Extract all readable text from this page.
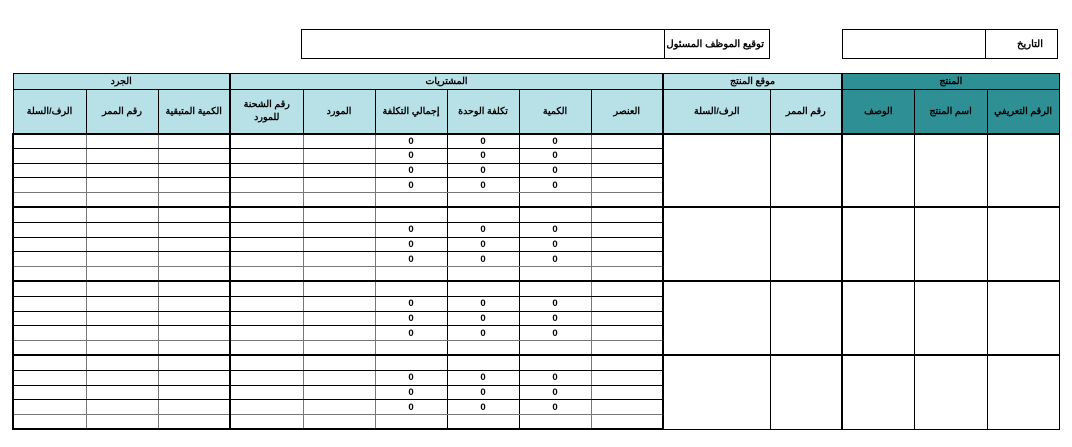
توقيع الموظف المسئول	التاريخ
المنتج			موقع المنتج		المشتريات						الجرد		
الرقم التعريفي	اسم المنتج	الوصف	رقم الممر	الرف/السلة	العنصر	الكمية	تكلفة الوحدة	إجمالي التكلفة	المورد	رقم الشحنة للمورد	الكمية المتبقية	رقم الممر	الرف/السلة
						0	0	0					
						0	0	0					
						0	0	0					
						0	0	0					

						0	0	0					
						0	0	0					
						0	0	0					

						0	0	0					
						0	0	0					
						0	0	0					

						0	0	0					
						0	0	0					
						0	0	0					
